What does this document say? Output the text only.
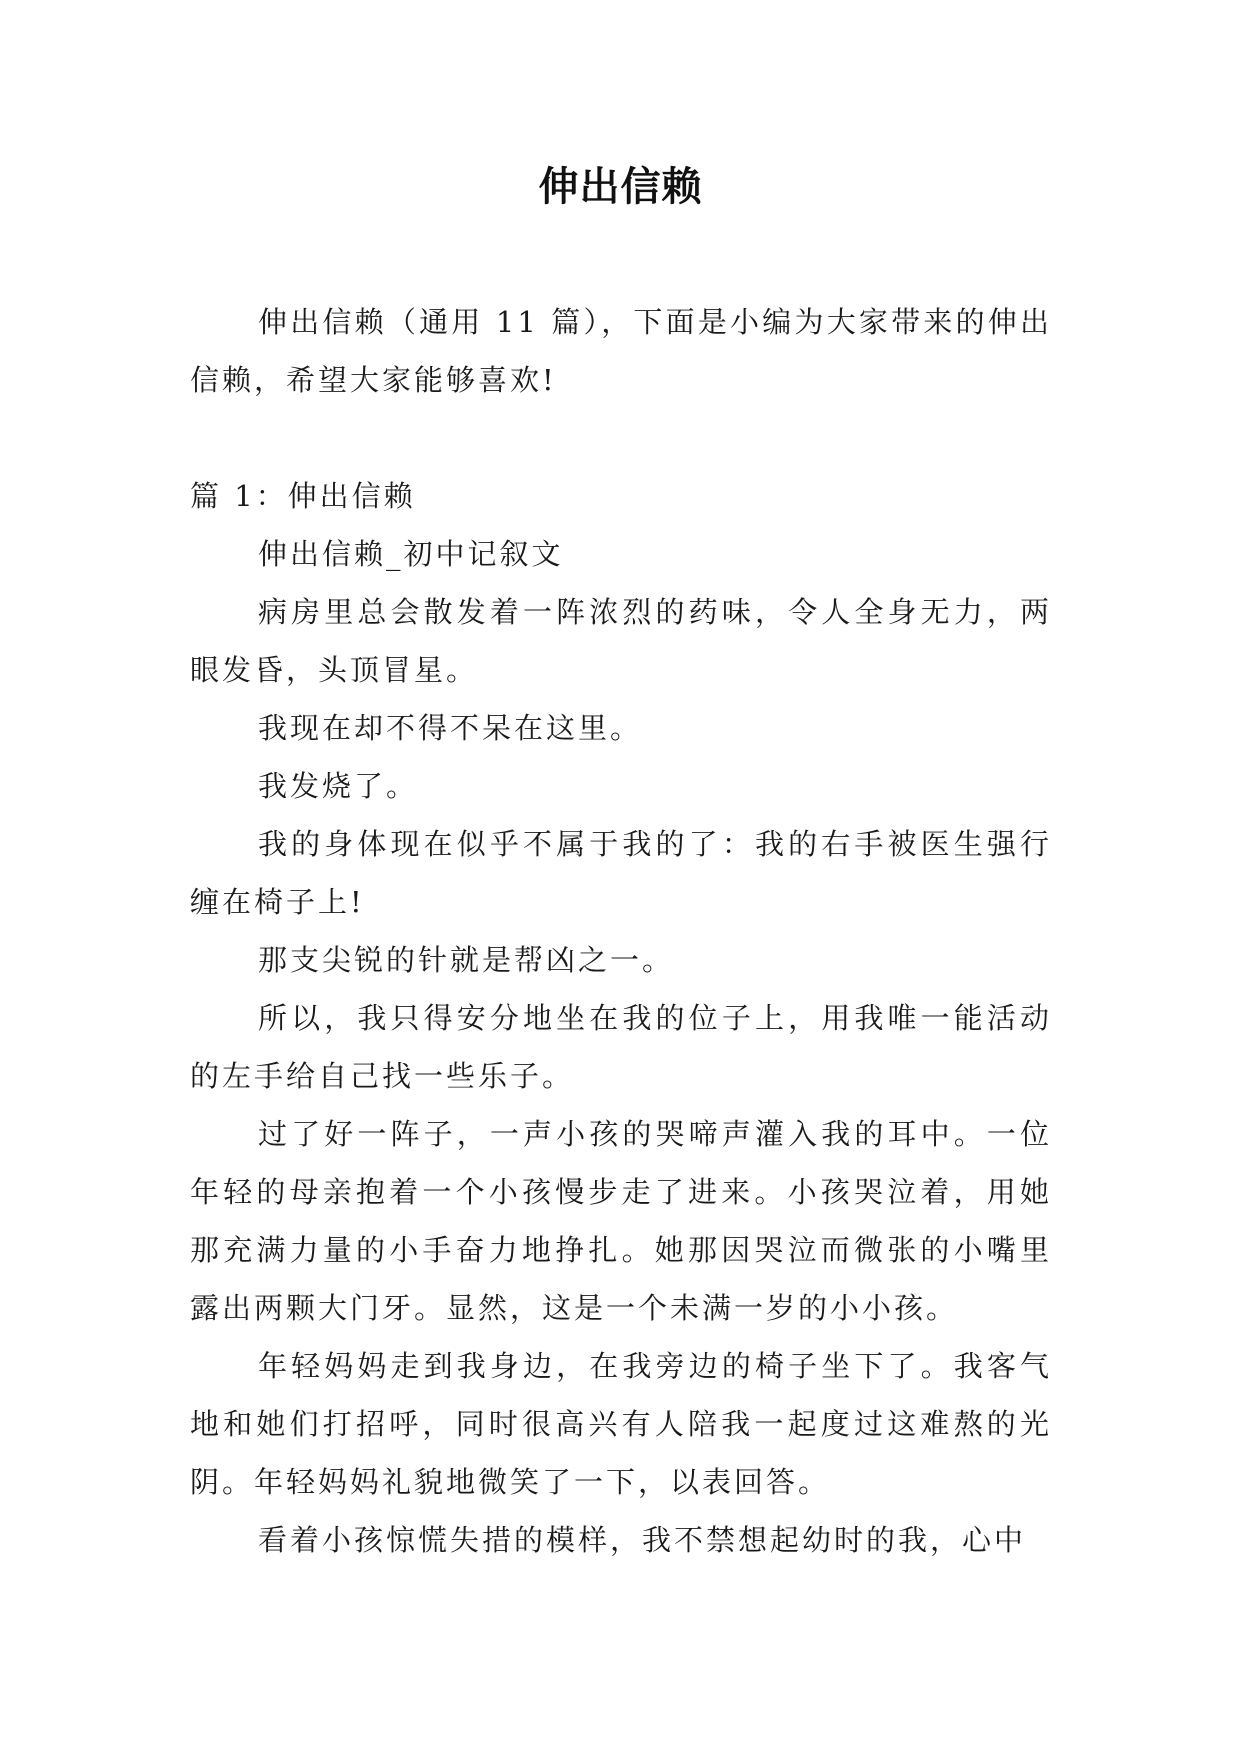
伸出信赖

伸出信赖（通用 11 篇），下面是小编为大家带来的伸出信赖，希望大家能够喜欢!

篇 1：伸出信赖

伸出信赖_初中记叙文

病房里总会散发着一阵浓烈的药味，令人全身无力，两眼发昏，头顶冒星。

我现在却不得不呆在这里。

我发烧了。

我的身体现在似乎不属于我的了：我的右手被医生强行缠在椅子上!

那支尖锐的针就是帮凶之一。

所以，我只得安分地坐在我的位子上，用我唯一能活动的左手给自己找一些乐子。

过了好一阵子，一声小孩的哭啼声灌入我的耳中。一位年轻的母亲抱着一个小孩慢步走了进来。小孩哭泣着，用她那充满力量的小手奋力地挣扎。她那因哭泣而微张的小嘴里露出两颗大门牙。显然，这是一个未满一岁的小小孩。

年轻妈妈走到我身边，在我旁边的椅子坐下了。我客气地和她们打招呼，同时很高兴有人陪我一起度过这难熬的光阴。年轻妈妈礼貌地微笑了一下，以表回答。

看着小孩惊慌失措的模样，我不禁想起幼时的我，心中
